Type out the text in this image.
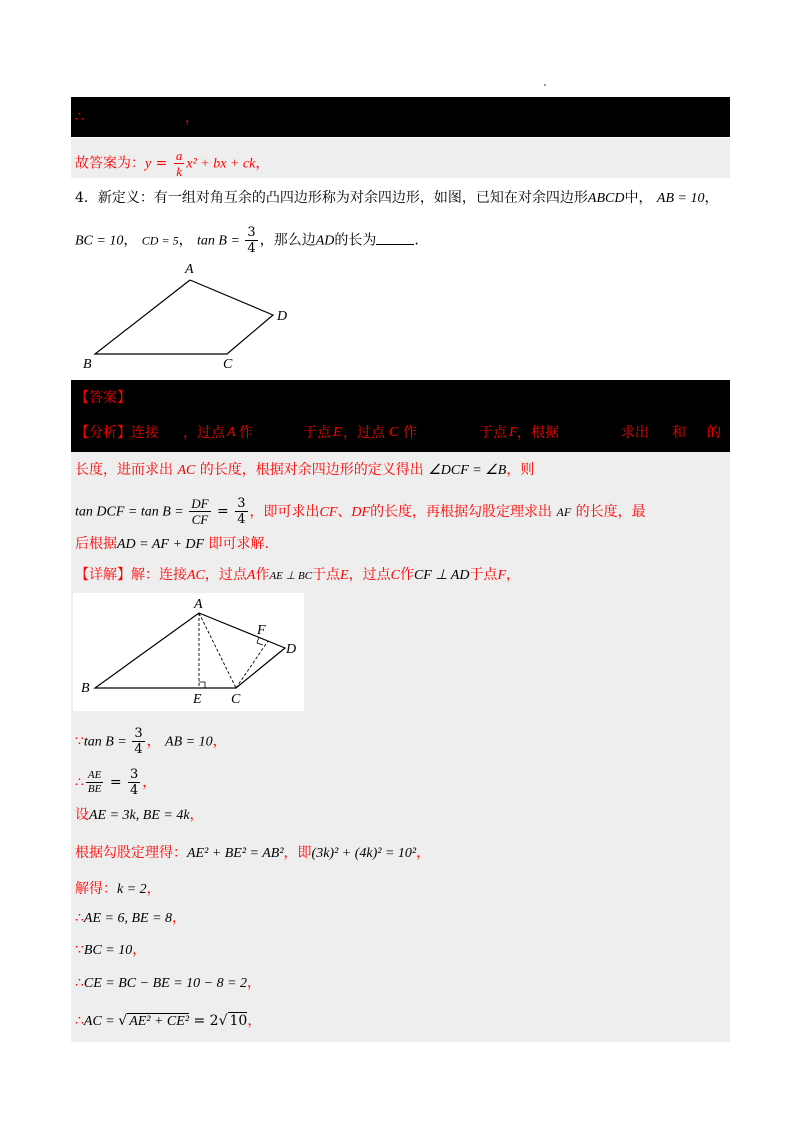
∴	，
故答案为：$y = \frac{a}{k} x^2$ + bx + ck，
4．新定义：有一组对角互余的凸四边形称为对余四边形，如图，已知在对余四边形ABCD中， AB = 10，
BC = 10， CD = 5， $\tan B = \frac{3}{4}$ ，那么边AD的长为	.
A
D
B	C
【答案】
【分析】连接 ，过点 A 作	于点 E ，过点 C 作	于点 F ，根据	求出 和 的
长度，进而求出 AC 的长度，根据对余四边形的定义得出 ∠DCF = ∠B，则
tan DCF = $\tan B = \frac{DF}{CF} = \frac{3}{4}$ ，即可求出CF、DF的长度，再根据勾股定理求出 AF 的长度，最
后根据AD = AF + DF 即可求解.
【详解】解：连接AC，过点A作AE ⊥ BC于点E，过点C作CF ⊥ AD于点F，
A
F
D
B
E C
∵tan $B = \frac{3}{4}$ ， AB = 10，
∴ $\frac{AE}{BE} = \frac{3}{4}$ ，
设AE = 3k, BE = 4k，
根据勾股定理得：AE² + BE² = AB²，即(3k)² + (4k)² = 10²，
解得：k = 2，
∴AE = 6, BE = 8，
∵BC = 10，
∴CE = BC − BE = 10 − 8 = 2，
∴AC = √ AE² + CE² = 2√ 10，
